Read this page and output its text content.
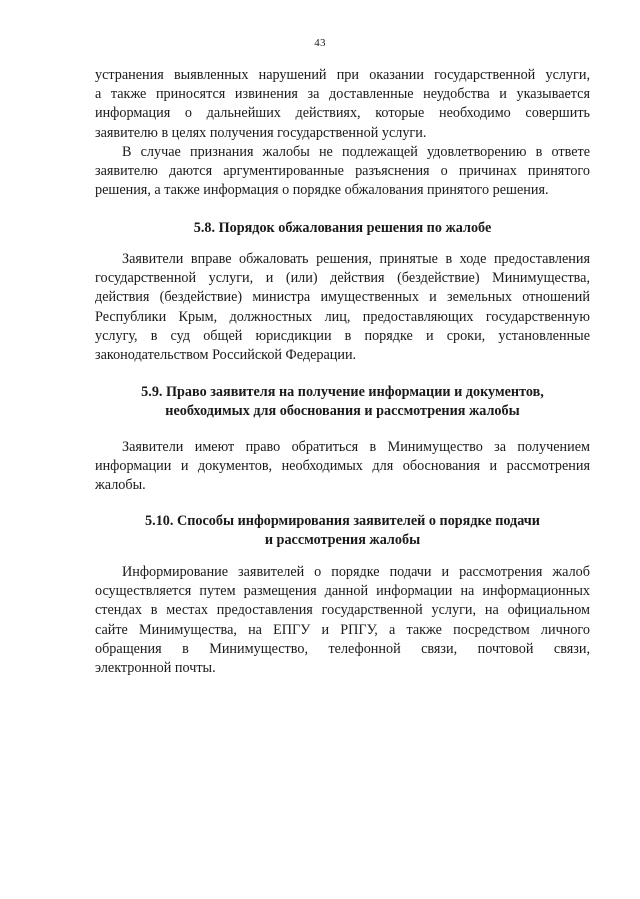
43
устранения выявленных нарушений при оказании государственной услуги,
а также приносятся извинения за доставленные неудобства и указывается
информация о дальнейших действиях, которые необходимо совершить
заявителю в целях получения государственной услуги.
В случае признания жалобы не подлежащей удовлетворению в ответе
заявителю даются аргументированные разъяснения о причинах принятого
решения, а также информация о порядке обжалования принятого решения.
5.8. Порядок обжалования решения по жалобе
Заявители вправе обжаловать решения, принятые в ходе предоставления
государственной услуги, и (или) действия (бездействие) Минимущества,
действия (бездействие) министра имущественных и земельных отношений
Республики Крым, должностных лиц, предоставляющих государственную
услугу, в суд общей юрисдикции в порядке и сроки, установленные
законодательством Российской Федерации.
5.9. Право заявителя на получение информации и документов,
необходимых для обоснования и рассмотрения жалобы
Заявители имеют право обратиться в Минимущество за получением
информации и документов, необходимых для обоснования и рассмотрения
жалобы.
5.10. Способы информирования заявителей о порядке подачи
и рассмотрения жалобы
Информирование заявителей о порядке подачи и рассмотрения жалоб
осуществляется путем размещения данной информации на информационных
стендах в местах предоставления государственной услуги, на официальном
сайте Минимущества, на ЕПГУ и РПГУ, а также посредством личного
обращения в Минимущество, телефонной связи, почтовой связи,
электронной почты.
